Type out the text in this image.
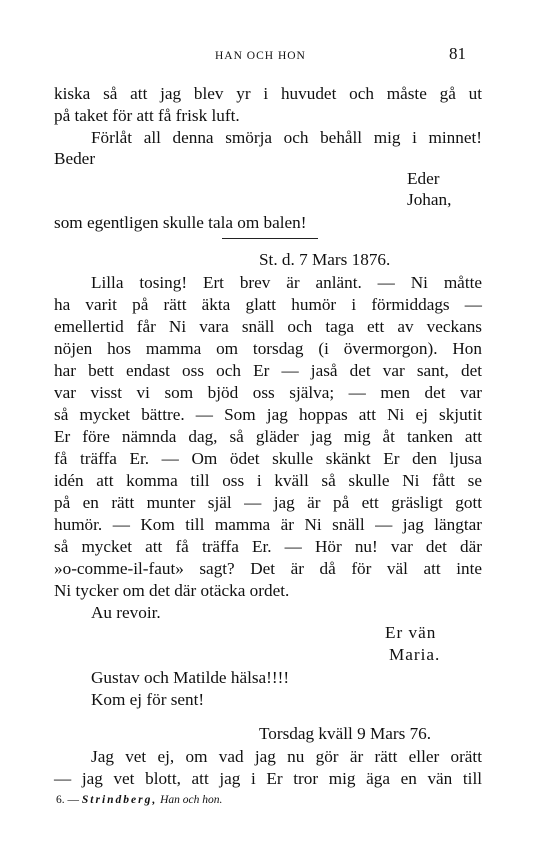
HAN OCH HON	81
kiska så att jag blev yr i huvudet och måste gå ut
på taket för att få frisk luft.
Förlåt all denna smörja och behåll mig i minnet!
Beder
Eder
Johan,
som egentligen skulle tala om balen!
St. d. 7 Mars 1876.
Lilla tosing! Ert brev är anlänt. — Ni måtte
ha varit på rätt äkta glatt humör i förmiddags —
emellertid får Ni vara snäll och taga ett av veckans
nöjen hos mamma om torsdag (i övermorgon). Hon
har bett endast oss och Er — jaså det var sant, det
var visst vi som bjöd oss själva; — men det var
så mycket bättre. — Som jag hoppas att Ni ej skjutit
Er före nämnda dag, så gläder jag mig åt tanken att
få träffa Er. — Om ödet skulle skänkt Er den ljusa
idén att komma till oss i kväll så skulle Ni fått se
på en rätt munter själ — jag är på ett gräsligt gott
humör. — Kom till mamma är Ni snäll — jag längtar
så mycket att få träffa Er. — Hör nu! var det där
»o-comme-il-faut» sagt? Det är då för väl att inte
Ni tycker om det där otäcka ordet.
Au revoir.
Er vän
Maria.
Gustav och Matilde hälsa!!!!
Kom ej för sent!
Torsdag kväll 9 Mars 76.
Jag vet ej, om vad jag nu gör är rätt eller orätt
— jag vet blott, att jag i Er tror mig äga en vän till
6. — Strindberg, Han och hon.
